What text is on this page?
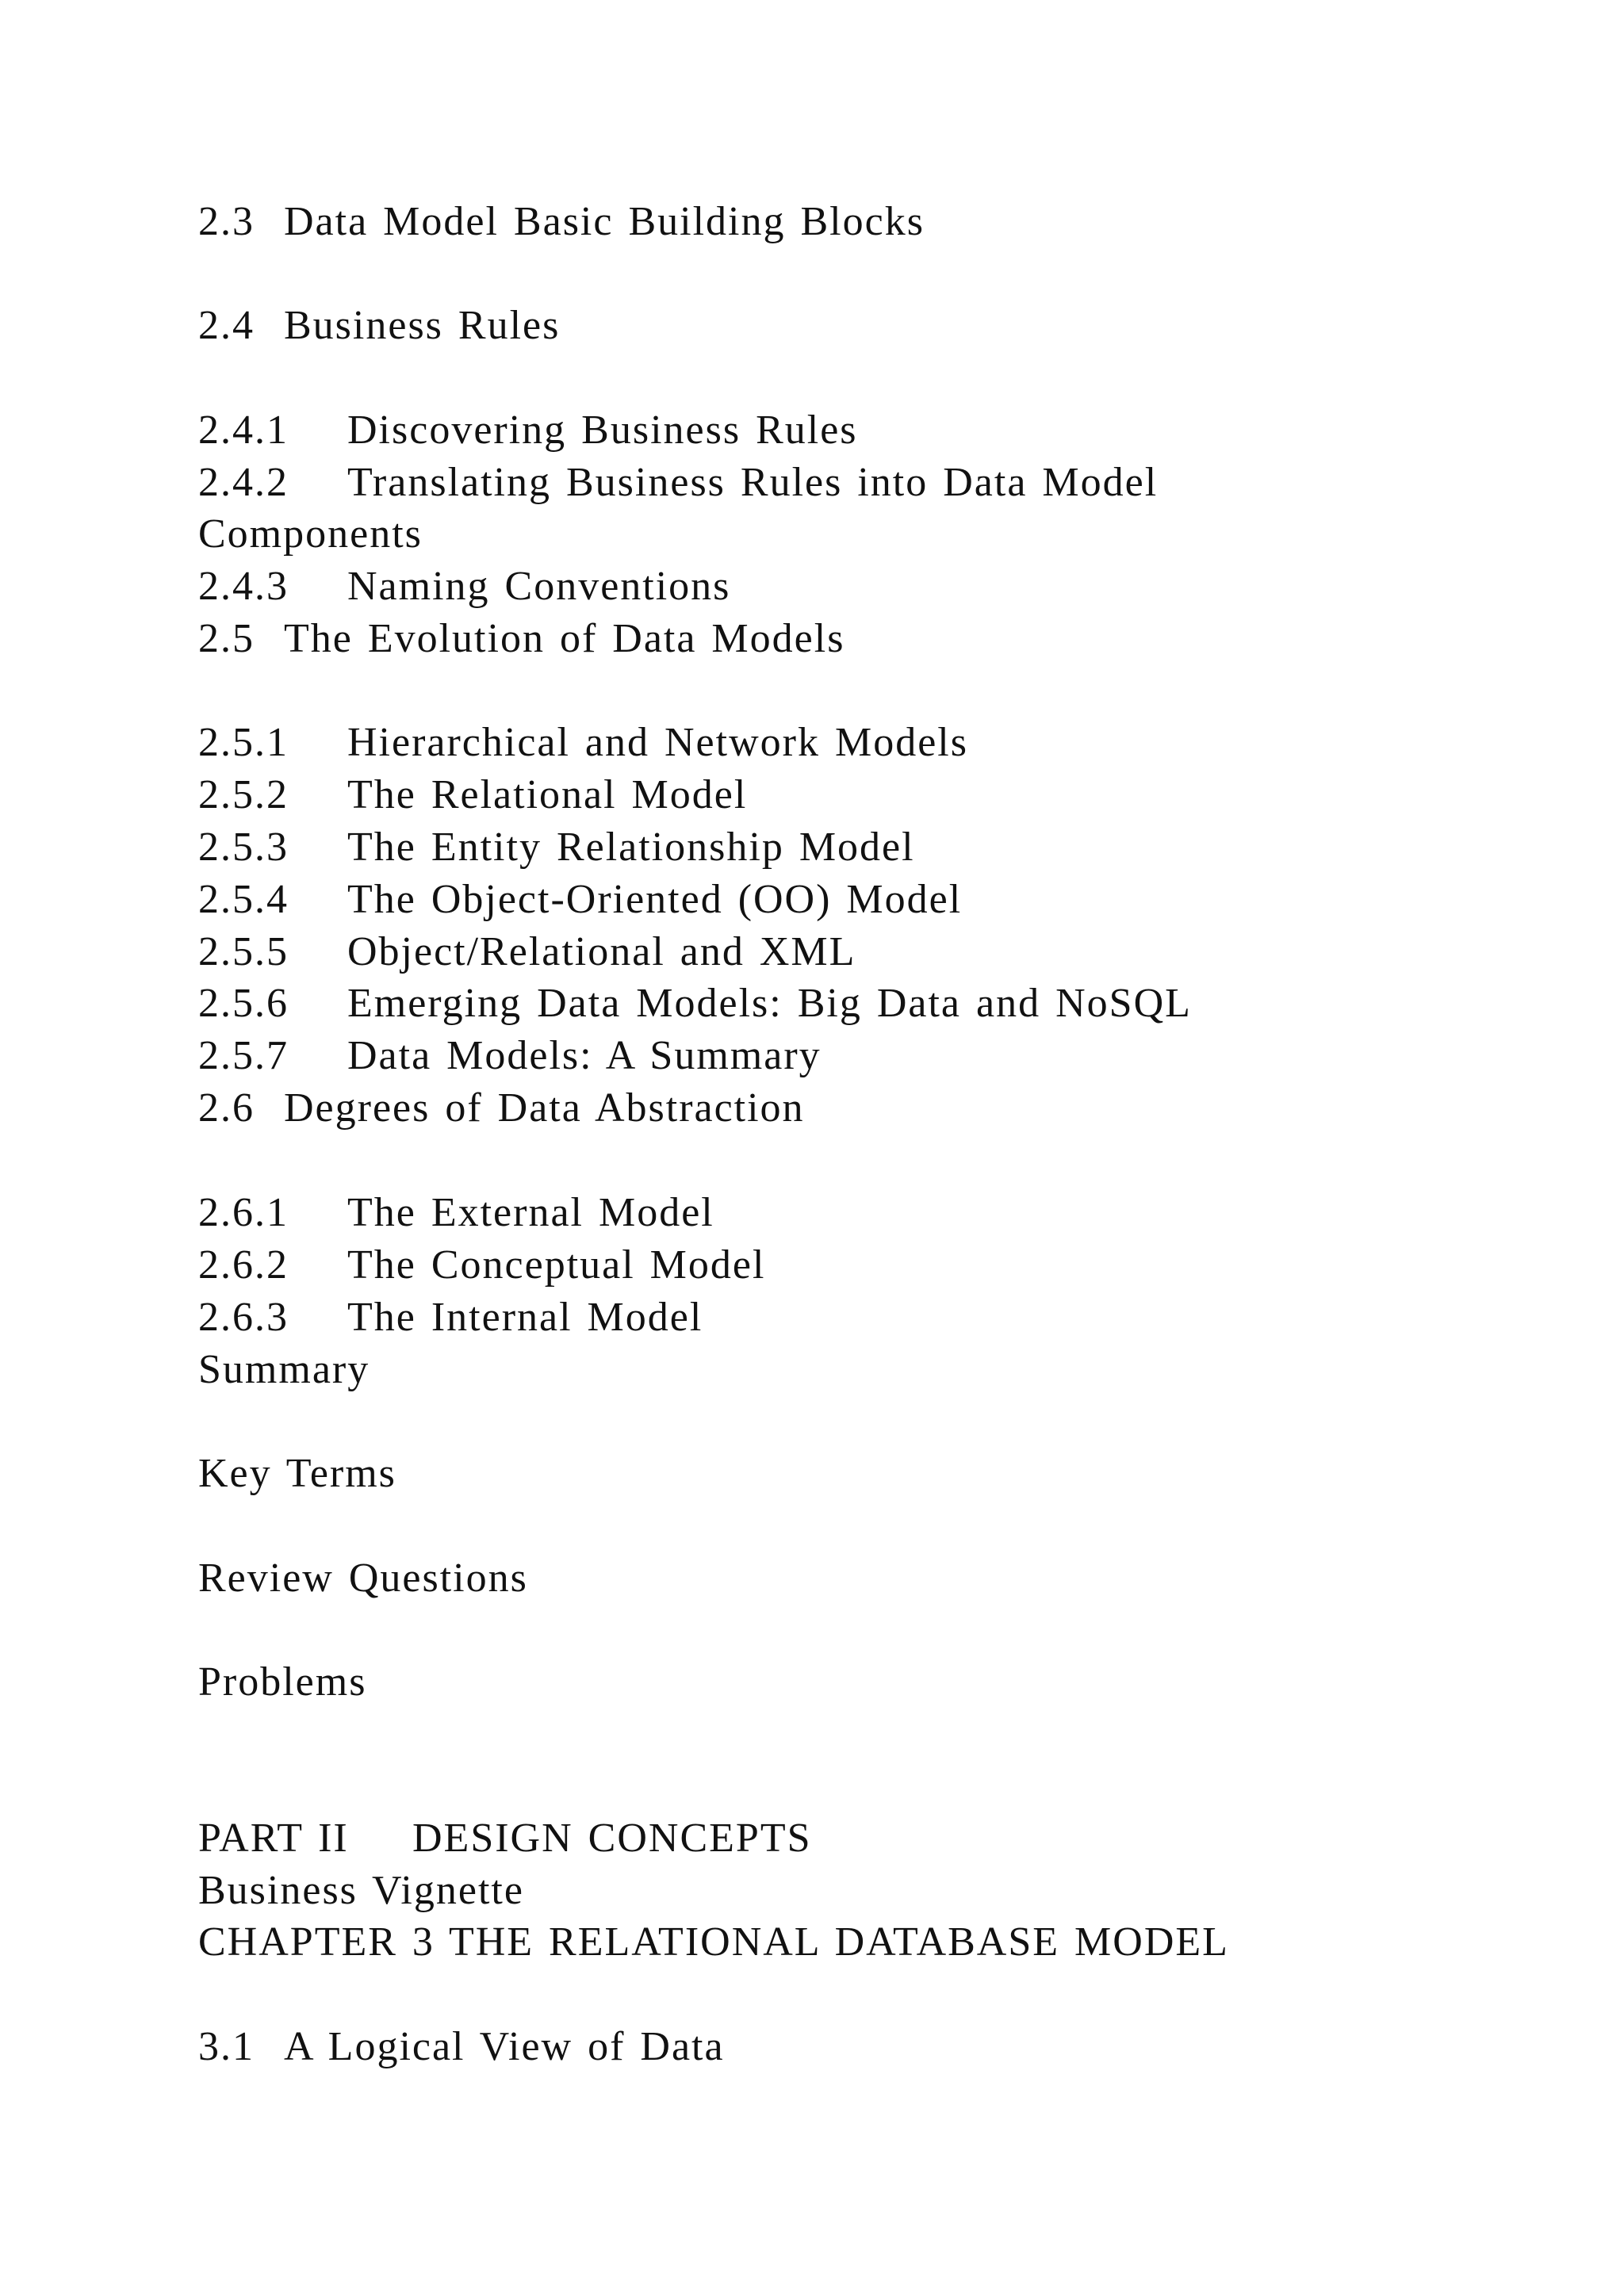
2.3 Data Model Basic Building Blocks
2.4 Business Rules
2.4.1 Discovering Business Rules
2.4.2 Translating Business Rules into Data Model
Components
2.4.3 Naming Conventions
2.5 The Evolution of Data Models
2.5.1 Hierarchical and Network Models
2.5.2 The Relational Model
2.5.3 The Entity Relationship Model
2.5.4 The Object-Oriented (OO) Model
2.5.5 Object/Relational and XML
2.5.6 Emerging Data Models: Big Data and NoSQL
2.5.7 Data Models: A Summary
2.6 Degrees of Data Abstraction
2.6.1 The External Model
2.6.2 The Conceptual Model
2.6.3 The Internal Model
Summary
Key Terms
Review Questions
Problems
PART II DESIGN CONCEPTS
Business Vignette
CHAPTER 3 THE RELATIONAL DATABASE MODEL
3.1 A Logical View of Data
